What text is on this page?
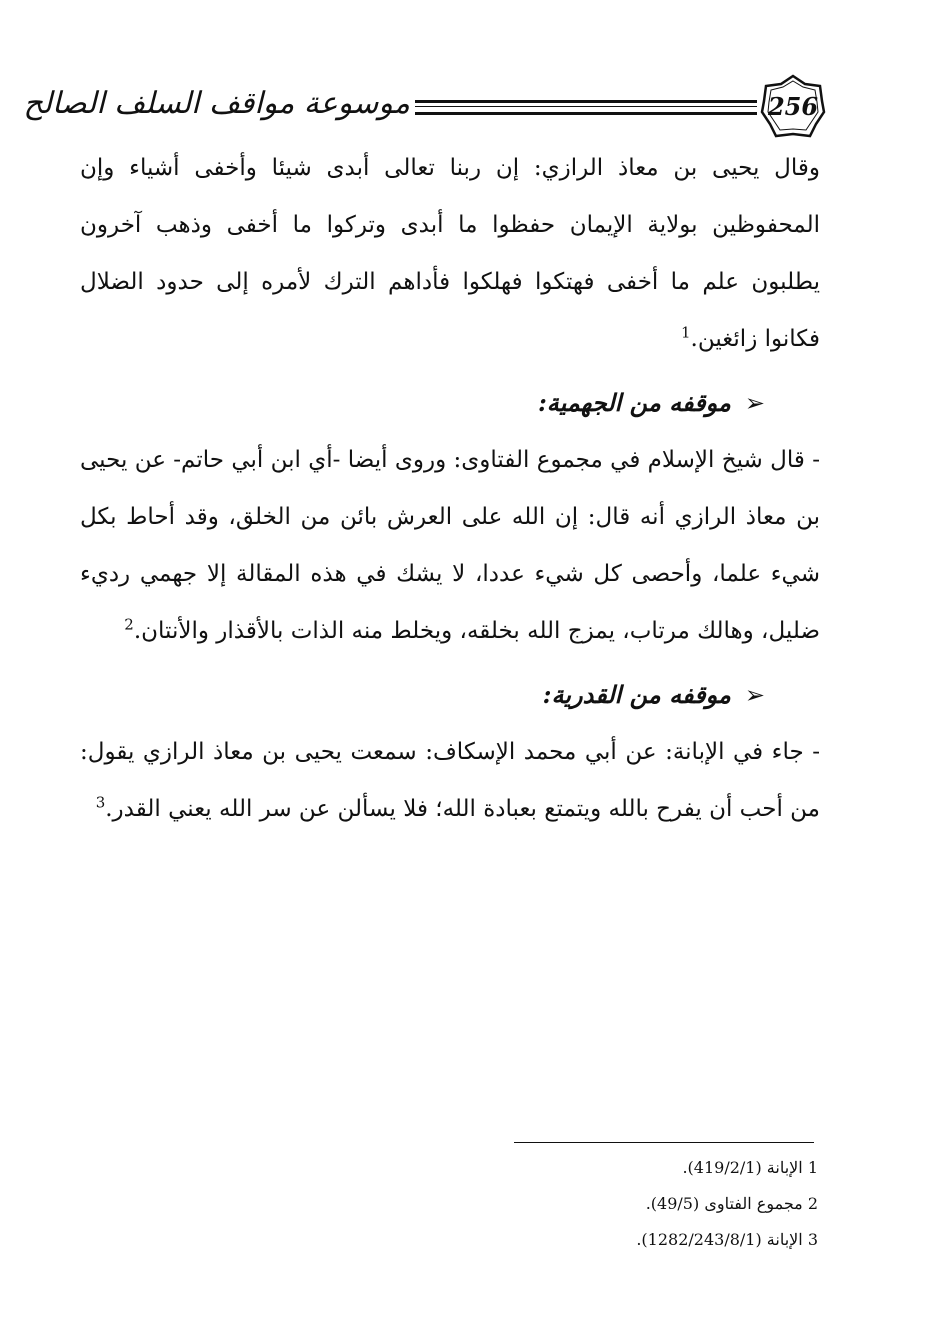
موسوعة مواقف السلف الصالح	256

وقال يحيى بن معاذ الرازي: إن ربنا تعالى أبدى شيئا وأخفى أشياء وإن المحفوظين بولاية الإيمان حفظوا ما أبدى وتركوا ما أخفى وذهب آخرون يطلبون علم ما أخفى فهتكوا فهلكوا فأداهم الترك لأمره إلى حدود الضلال فكانوا زائغين.$^1$

➢موقفه من الجهمية:

- قال شيخ الإسلام في مجموع الفتاوى: وروى أيضا -أي ابن أبي حاتم- عن يحيى بن معاذ الرازي أنه قال: إن الله على العرش بائن من الخلق، وقد أحاط بكل شيء علما، وأحصى كل شيء عددا، لا يشك في هذه المقالة إلا جهمي رديء ضليل، وهالك مرتاب، يمزج الله بخلقه، ويخلط منه الذات بالأقذار والأنتان.$^2$

➢موقفه من القدرية:

- جاء في الإبانة: عن أبي محمد الإسكاف: سمعت يحيى بن معاذ الرازي يقول: من أحب أن يفرح بالله ويتمتع بعبادة الله؛ فلا يسألن عن سر الله يعني القدر.$^3$

1 الإبانة (419/2/1).
2 مجموع الفتاوى (49/5).
3 الإبانة (1282/243/8/1).
